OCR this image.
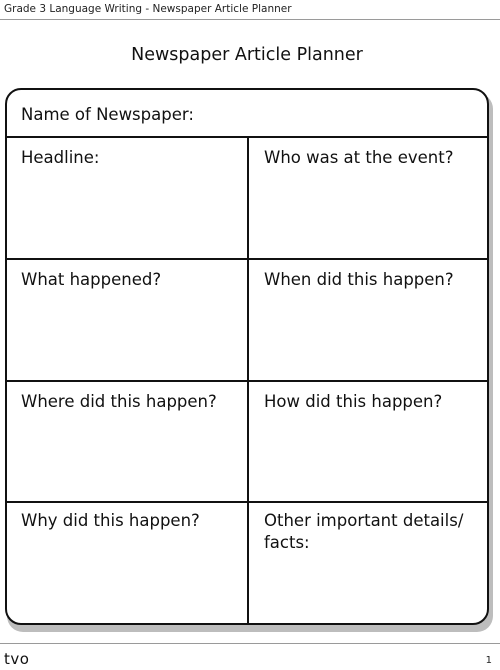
Grade 3 Language Writing - Newspaper Article Planner
Newspaper Article Planner
Name of Newspaper:
Headline:	Who was at the event?
What happened?	When did this happen?
Where did this happen?	How did this happen?
Why did this happen?	Other important details/ facts:
tvo	1
